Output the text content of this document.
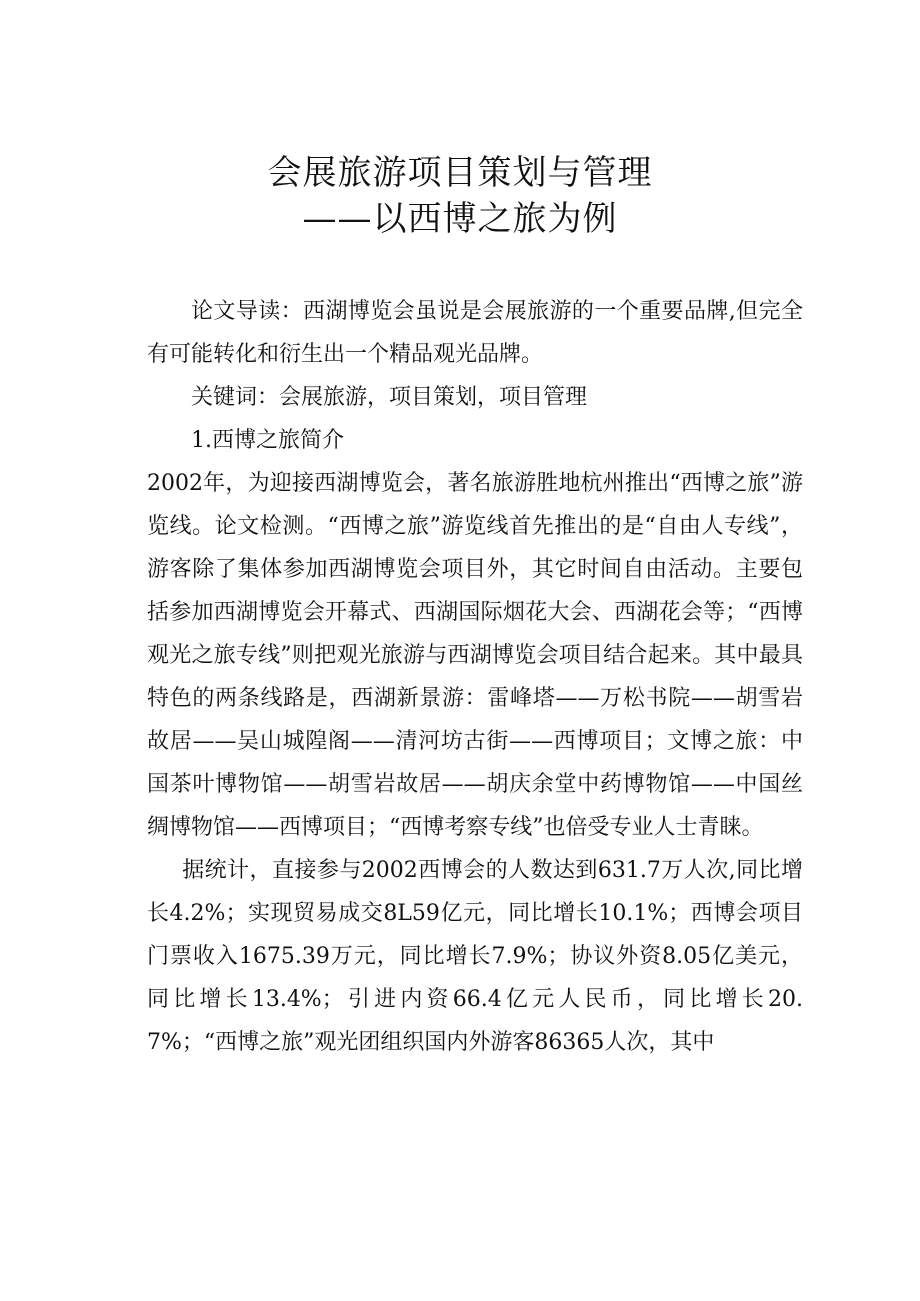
会展旅游项目策划与管理
——以西博之旅为例

论文导读：西湖博览会虽说是会展旅游的一个重要品牌,但完全有可能转化和衍生出一个精品观光品牌。

关键词：会展旅游，项目策划，项目管理

1.西博之旅简介

2002年，为迎接西湖博览会，著名旅游胜地杭州推出“西博之旅”游览线。论文检测。“西博之旅”游览线首先推出的是“自由人专线”，游客除了集体参加西湖博览会项目外，其它时间自由活动。主要包括参加西湖博览会开幕式、西湖国际烟花大会、西湖花会等；“西博观光之旅专线”则把观光旅游与西湖博览会项目结合起来。其中最具特色的两条线路是，西湖新景游：雷峰塔——万松书院——胡雪岩故居——吴山城隍阁——清河坊古街——西博项目；文博之旅：中国茶叶博物馆——胡雪岩故居——胡庆余堂中药博物馆——中国丝绸博物馆——西博项目；“西博考察专线”也倍受专业人士青睐。

据统计，直接参与2002西博会的人数达到631.7万人次,同比增长4.2%；实现贸易成交8L59亿元，同比增长10.1%；西博会项目门票收入1675.39万元，同比增长7.9%；协议外资8.05亿美元，同比增长13.4%；引进内资66.4亿元人民币，同比增长20.7%；“西博之旅”观光团组织国内外游客86365人次，其中
